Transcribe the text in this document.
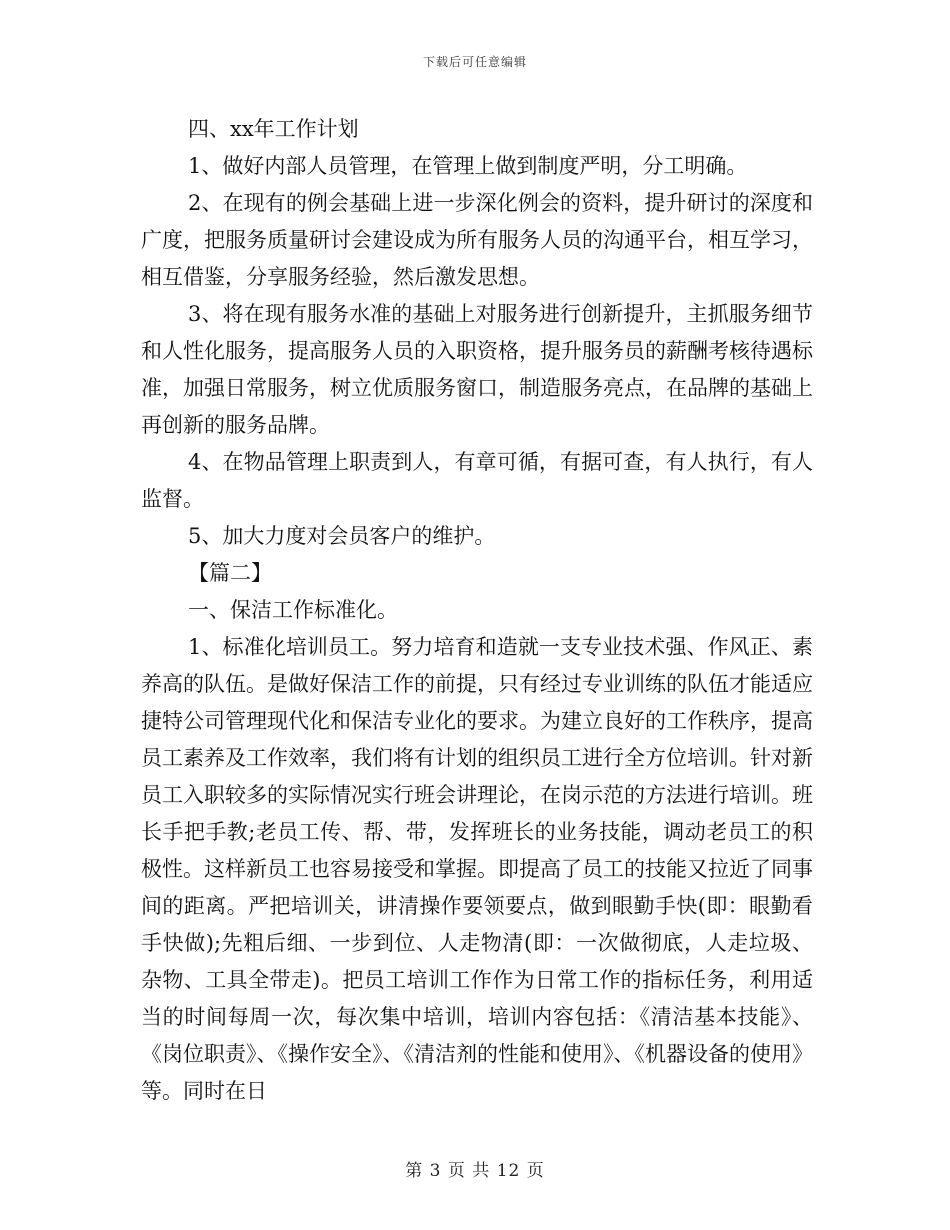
下载后可任意编辑

四、xx年工作计划

1、做好内部人员管理，在管理上做到制度严明，分工明确。

2、在现有的例会基础上进一步深化例会的资料，提升研讨的深度和广度，把服务质量研讨会建设成为所有服务人员的沟通平台，相互学习，相互借鉴，分享服务经验，然后激发思想。

3、将在现有服务水准的基础上对服务进行创新提升，主抓服务细节和人性化服务，提高服务人员的入职资格，提升服务员的薪酬考核待遇标准，加强日常服务，树立优质服务窗口，制造服务亮点，在品牌的基础上再创新的服务品牌。

4、在物品管理上职责到人，有章可循，有据可查，有人执行，有人监督。

5、加大力度对会员客户的维护。

【篇二】

一、保洁工作标准化。

1、标准化培训员工。努力培育和造就一支专业技术强、作风正、素养高的队伍。是做好保洁工作的前提，只有经过专业训练的队伍才能适应捷特公司管理现代化和保洁专业化的要求。为建立良好的工作秩序，提高员工素养及工作效率，我们将有计划的组织员工进行全方位培训。针对新员工入职较多的实际情况实行班会讲理论，在岗示范的方法进行培训。班长手把手教;老员工传、帮、带，发挥班长的业务技能，调动老员工的积极性。这样新员工也容易接受和掌握。即提高了员工的技能又拉近了同事间的距离。严把培训关，讲清操作要领要点，做到眼勤手快(即：眼勤看手快做);先粗后细、一步到位、人走物清(即：一次做彻底，人走垃圾、杂物、工具全带走)。把员工培训工作作为日常工作的指标任务，利用适当的时间每周一次，每次集中培训，培训内容包括：《清洁基本技能》、《岗位职责》、《操作安全》、《清洁剂的性能和使用》、《机器设备的使用》等。同时在日

第 3 页 共 12 页
